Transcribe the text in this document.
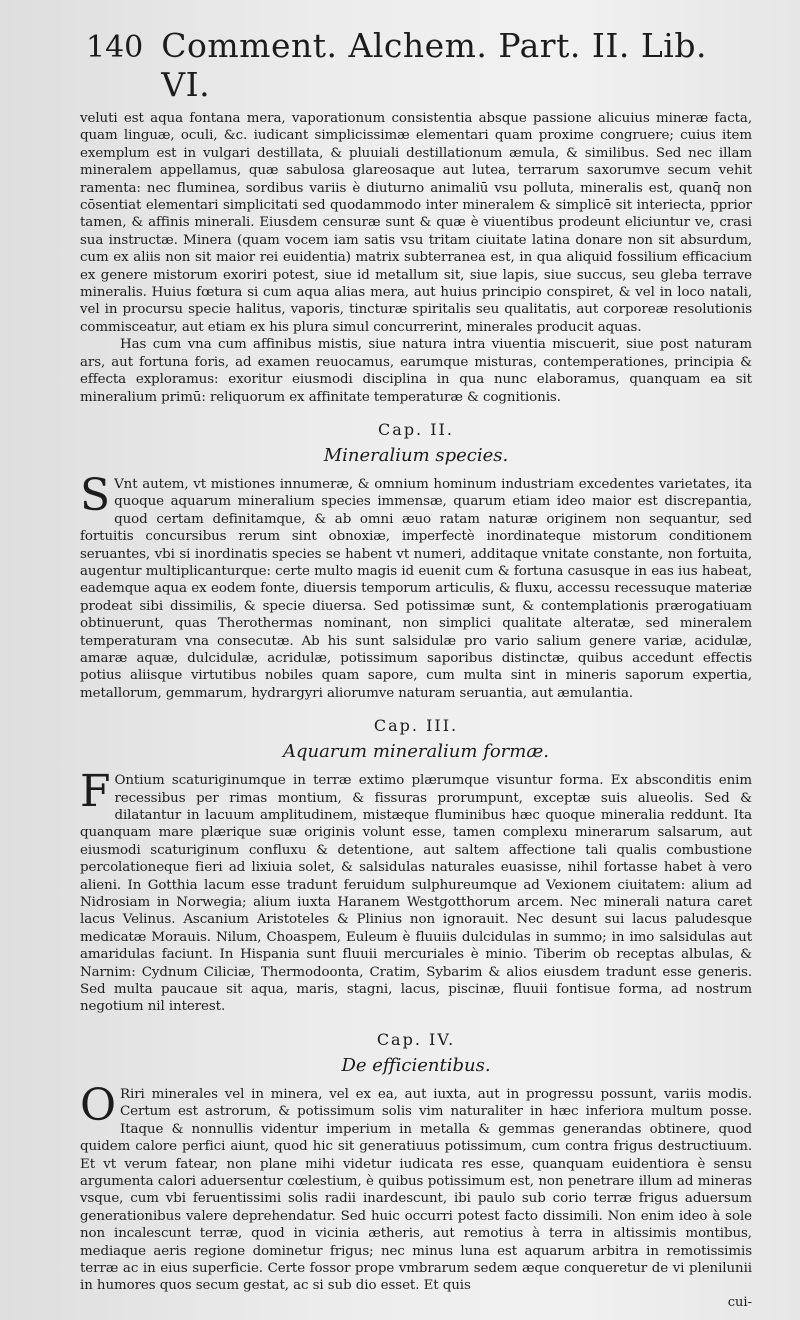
140 Comment. Alchem. Part. II. Lib. VI.

veluti est aqua fontana mera, vaporationum consistentia absque passione alicuius mineræ facta, quam linguæ, oculi, &c. iudicant simplicissimæ elementari quam proxime congruere; cuius item exemplum est in vulgari destillata, & pluuiali destillationum æmula, & similibus. Sed nec illam mineralem appellamus, quæ sabulosa glareosaque aut lutea, terrarum saxorumve secum vehit ramenta: nec fluminea, sordibus variis è diuturno animaliū vsu polluta, mineralis est, quanq̄ non cōsentiat elementari simplicitati sed quodammodo inter mineralem & simplicē sit interiecta, pprior tamen, & affinis minerali. Eiusdem censuræ sunt & quæ è viuentibus prodeunt eliciuntur ve, crasi sua instructæ. Minera (quam vocem iam satis vsu tritam ciuitate latina donare non sit absurdum, cum ex aliis non sit maior rei euidentia) matrix subterranea est, in qua aliquid fossilium efficacium ex genere mistorum exoriri potest, siue id metallum sit, siue lapis, siue succus, seu gleba terrave mineralis. Huius fœtura si cum aqua alias mera, aut huius principio conspiret, & vel in loco natali, vel in procursu specie halitus, vaporis, tincturæ spiritalis seu qualitatis, aut corporeæ resolutionis commisceatur, aut etiam ex his plura simul concurrerint, minerales producit aquas.

Has cum vna cum affinibus mistis, siue natura intra viuentia miscuerit, siue post naturam ars, aut fortuna foris, ad examen reuocamus, earumque misturas, contemperationes, principia & effecta exploramus: exoritur eiusmodi disciplina in qua nunc elaboramus, quanquam ea sit mineralium primū: reliquorum ex affinitate temperaturæ & cognitionis.

Cap. II.
Mineralium species.

SVnt autem, vt mistiones innumeræ, & omnium hominum industriam excedentes varietates, ita quoque aquarum mineralium species immensæ, quarum etiam ideo maior est discrepantia, quod certam definitamque, & ab omni æuo ratam naturæ originem non sequantur, sed fortuitis concursibus rerum sint obnoxiæ, imperfectè inordinateque mistorum conditionem seruantes, vbi si inordinatis species se habent vt numeri, additaque vnitate constante, non fortuita, augentur multiplicanturque: certe multo magis id euenit cum & fortuna casusque in eas ius habeat, eademque aqua ex eodem fonte, diuersis temporum articulis, & fluxu, accessu recessuque materiæ prodeat sibi dissimilis, & specie diuersa. Sed potissimæ sunt, & contemplationis prærogatiuam obtinuerunt, quas Therothermas nominant, non simplici qualitate alteratæ, sed mineralem temperaturam vna consecutæ. Ab his sunt salsidulæ pro vario salium genere variæ, acidulæ, amaræ aquæ, dulcidulæ, acridulæ, potissimum saporibus distinctæ, quibus accedunt effectis potius aliisque virtutibus nobiles quam sapore, cum multa sint in mineris saporum expertia, metallorum, gemmarum, hydrargyri aliorumve naturam seruantia, aut æmulantia.

Cap. III.
Aquarum mineralium formæ.

FOntium scaturiginumque in terræ extimo plærumque visuntur forma. Ex absconditis enim recessibus per rimas montium, & fissuras prorumpunt, exceptæ suis alueolis. Sed & dilatantur in lacuum amplitudinem, mistæque fluminibus hæc quoque mineralia reddunt. Ita quanquam mare plærique suæ originis volunt esse, tamen complexu minerarum salsarum, aut eiusmodi scaturiginum confluxu & detentione, aut saltem affectione tali qualis combustione percolationeque fieri ad lixiuia solet, & salsidulas naturales euasisse, nihil fortasse habet à vero alieni. In Gotthia lacum esse tradunt feruidum sulphureumque ad Vexionem ciuitatem: alium ad Nidrosiam in Norwegia; alium iuxta Haranem Westgotthorum arcem. Nec minerali natura caret lacus Velinus. Ascanium Aristoteles & Plinius non ignorauit. Nec desunt sui lacus paludesque medicatæ Morauis. Nilum, Choaspem, Euleum è fluuiis dulcidulas in summo; in imo salsidulas aut amaridulas faciunt. In Hispania sunt fluuii mercuriales è minio. Tiberim ob receptas albulas, & Narnim: Cydnum Ciliciæ, Thermodoonta, Cratim, Sybarim & alios eiusdem tradunt esse generis. Sed multa paucaue sit aqua, maris, stagni, lacus, piscinæ, fluuii fontisue forma, ad nostrum negotium nil interest.

Cap. IV.
De efficientibus.

ORiri minerales vel in minera, vel ex ea, aut iuxta, aut in progressu possunt, variis modis. Certum est astrorum, & potissimum solis vim naturaliter in hæc inferiora multum posse. Itaque & nonnullis videntur imperium in metalla & gemmas generandas obtinere, quod quidem calore perfici aiunt, quod hic sit generatiuus potissimum, cum contra frigus destructiuum. Et vt verum fatear, non plane mihi videtur iudicata res esse, quanquam euidentiora è sensu argumenta calori aduersentur cœlestium, è quibus potissimum est, non penetrare illum ad mineras vsque, cum vbi feruentissimi solis radii inardescunt, ibi paulo sub corio terræ frigus aduersum generationibus valere deprehendatur. Sed huic occurri potest facto dissimili. Non enim ideo à sole non incalescunt terræ, quod in vicinia ætheris, aut remotius à terra in altissimis montibus, mediaque aeris regione dominetur frigus; nec minus luna est aquarum arbitra in remotissimis terræ ac in eius superficie. Certe fossor prope vmbrarum sedem æque conqueretur de vi plenilunii in humores quos secum gestat, ac si sub dio esset. Et quis

cui-
